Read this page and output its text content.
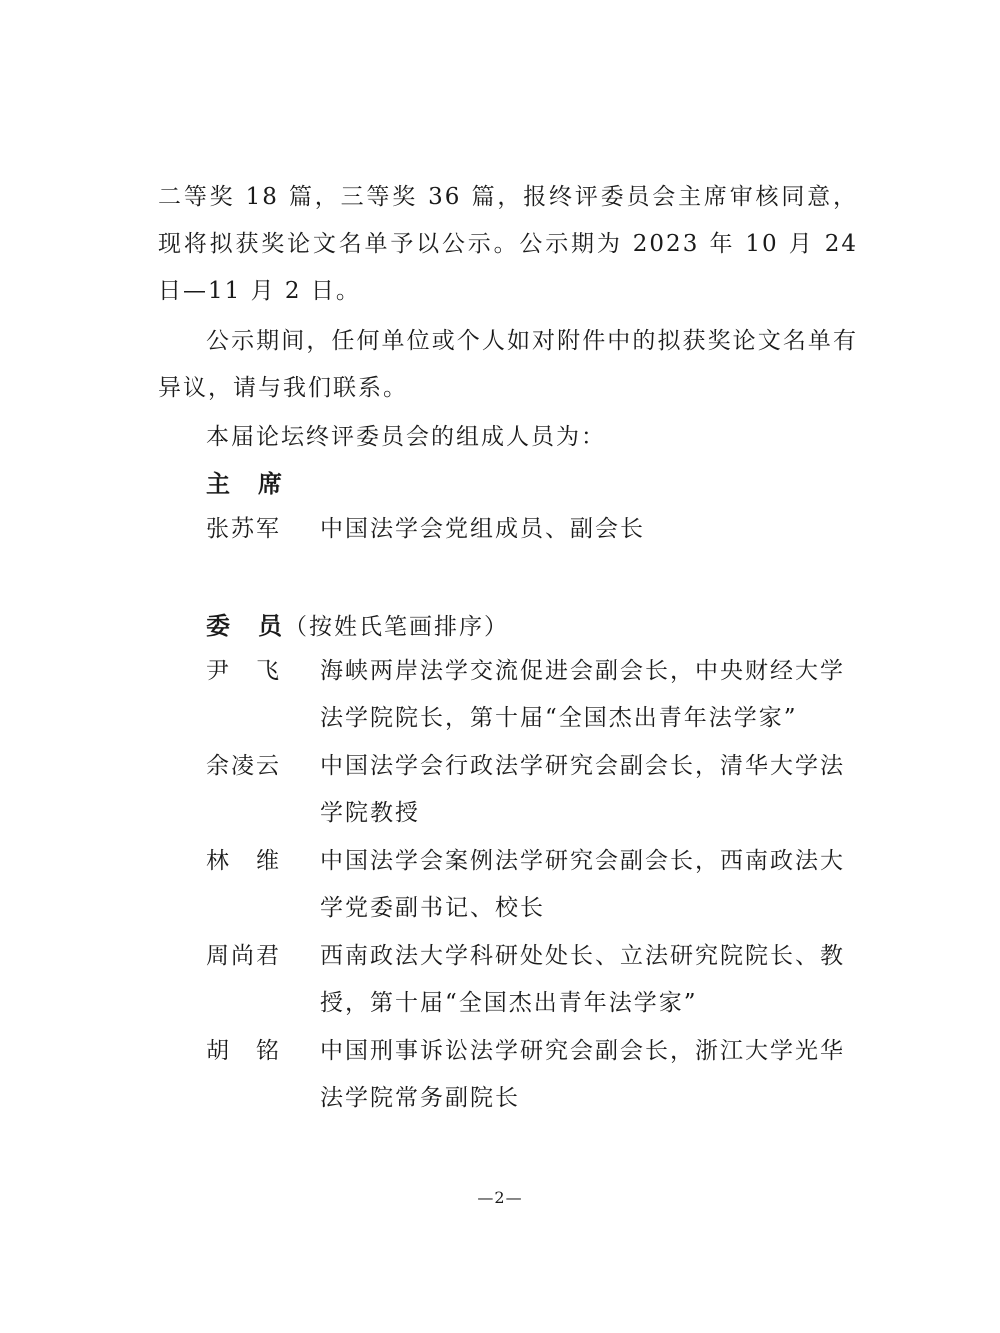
二等奖 18 篇，三等奖 36 篇，报终评委员会主席审核同意，现将拟获奖论文名单予以公示。公示期为 2023 年 10 月 24 日—11 月 2 日。

公示期间，任何单位或个人如对附件中的拟获奖论文名单有异议，请与我们联系。

本届论坛终评委员会的组成人员为：

主　席

张苏军	中国法学会党组成员、副会长

委　员（按姓氏笔画排序）

尹　飞	海峡两岸法学交流促进会副会长，中央财经大学法学院院长，第十届“全国杰出青年法学家”
余凌云	中国法学会行政法学研究会副会长，清华大学法学院教授
林　维	中国法学会案例法学研究会副会长，西南政法大学党委副书记、校长
周尚君	西南政法大学科研处处长、立法研究院院长、教授，第十届“全国杰出青年法学家”
胡　铭	中国刑事诉讼法学研究会副会长，浙江大学光华法学院常务副院长
—2—
